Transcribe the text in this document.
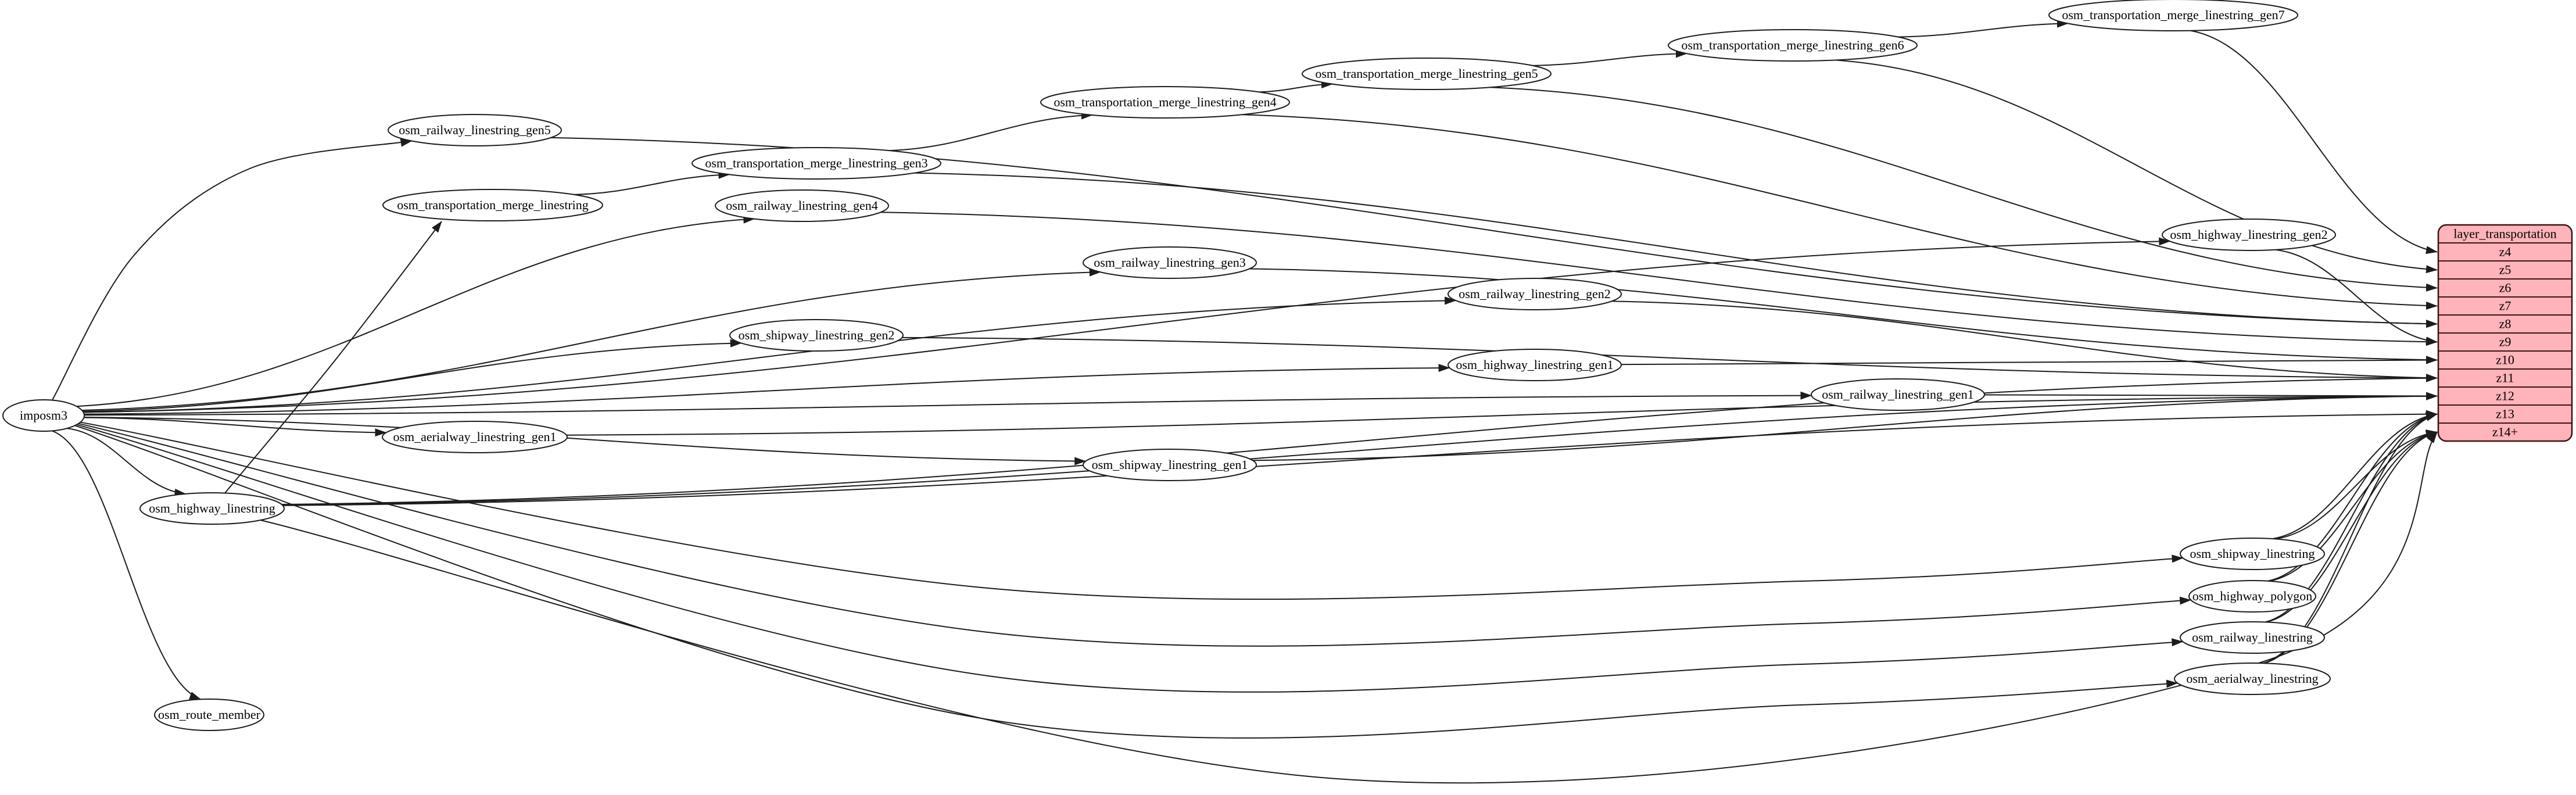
imposm3
osm_railway_linestring_gen5
osm_transportation_merge_linestring
osm_transportation_merge_linestring_gen3
osm_railway_linestring_gen4
osm_transportation_merge_linestring_gen4
osm_transportation_merge_linestring_gen5
osm_transportation_merge_linestring_gen6
osm_transportation_merge_linestring_gen7
osm_highway_linestring_gen2
osm_railway_linestring_gen3
osm_railway_linestring_gen2
osm_shipway_linestring_gen2
osm_highway_linestring_gen1
osm_railway_linestring_gen1
osm_aerialway_linestring_gen1
osm_shipway_linestring_gen1
osm_highway_linestring
osm_shipway_linestring
osm_highway_polygon
osm_railway_linestring
osm_aerialway_linestring
osm_route_member
layer_transportation
z4
z5
z6
z7
z8
z9
z10
z11
z12
z13
z14+
